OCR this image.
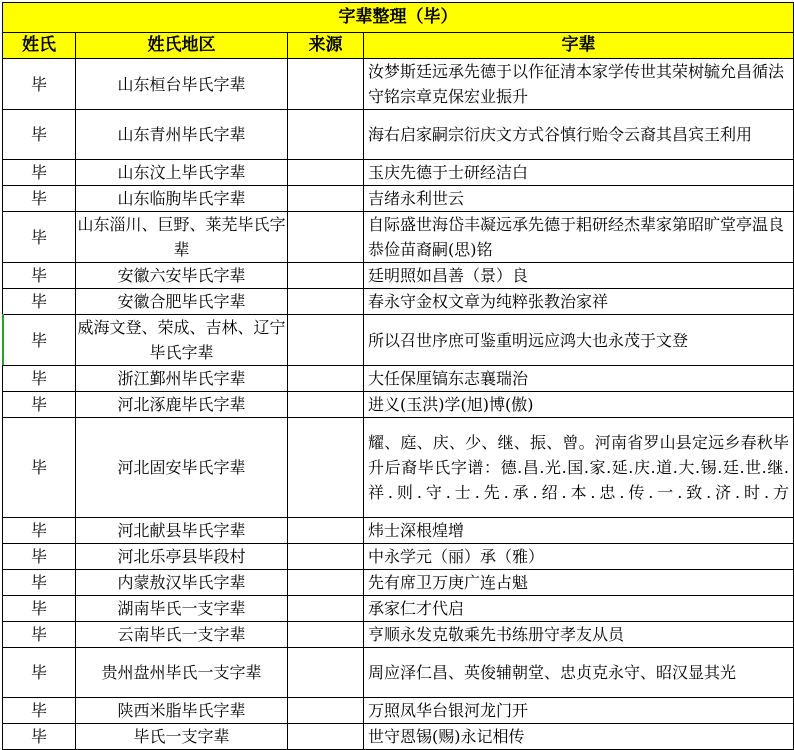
字辈整理（毕）			
姓氏	姓氏地区	来源	字辈
毕	山东桓台毕氏字辈		汝梦斯廷远承先德于以作征清本家学传世其荣树毓允昌循法守铭宗章克保宏业振升
毕	山东青州毕氏字辈		海右启家嗣宗衍庆文方式谷慎行贻令云裔其昌宾王利用
毕	山东汶上毕氏字辈		玉庆先德于士研经洁白
毕	山东临朐毕氏字辈		吉绪永利世云
毕	山东淄川、巨野、莱芜毕氏字辈		自际盛世海岱丰凝远承先德于耜研经杰辈家第昭旷堂亭温良恭俭苗裔嗣(思)铭
毕	安徽六安毕氏字辈		廷明照如昌善（景）良
毕	安徽合肥毕氏字辈		春永守金权文章为纯粹张教治家祥
毕	威海文登、荣成、吉林、辽宁毕氏字辈		所以召世序庶可鉴重明远应鸿大也永茂于文登
毕	浙江鄞州毕氏字辈		大任保厘镐东志襄瑞治
毕	河北涿鹿毕氏字辈		进义(玉洪)学(旭)博(傲)
毕	河北固安毕氏字辈		耀、庭、庆、少、继、振、曾。河南省罗山县定远乡春秋毕升后裔毕氏字谱：德.昌.光.国.家.延.庆.道.大.锡.廷.世.继.祥.则.守.士.先.承.绍.本.忠.传.一.致.济.时.方
毕	河北献县毕氏字辈		炜士深根煌增
毕	河北乐亭县毕段村		中永学元（丽）承（雅）
毕	内蒙敖汉毕氏字辈		先有席卫万庚广连占魁
毕	湖南毕氏一支字辈		承家仁才代启
毕	云南毕氏一支字辈		亨顺永发克敬乘先书练册守孝友从员
毕	贵州盘州毕氏一支字辈		周应泽仁昌、英俊辅朝堂、忠贞克永守、昭汉显其光
毕	陕西米脂毕氏字辈		万照凤华台银河龙门开
毕	毕氏一支字辈		世守恩锡(赐)永记相传
